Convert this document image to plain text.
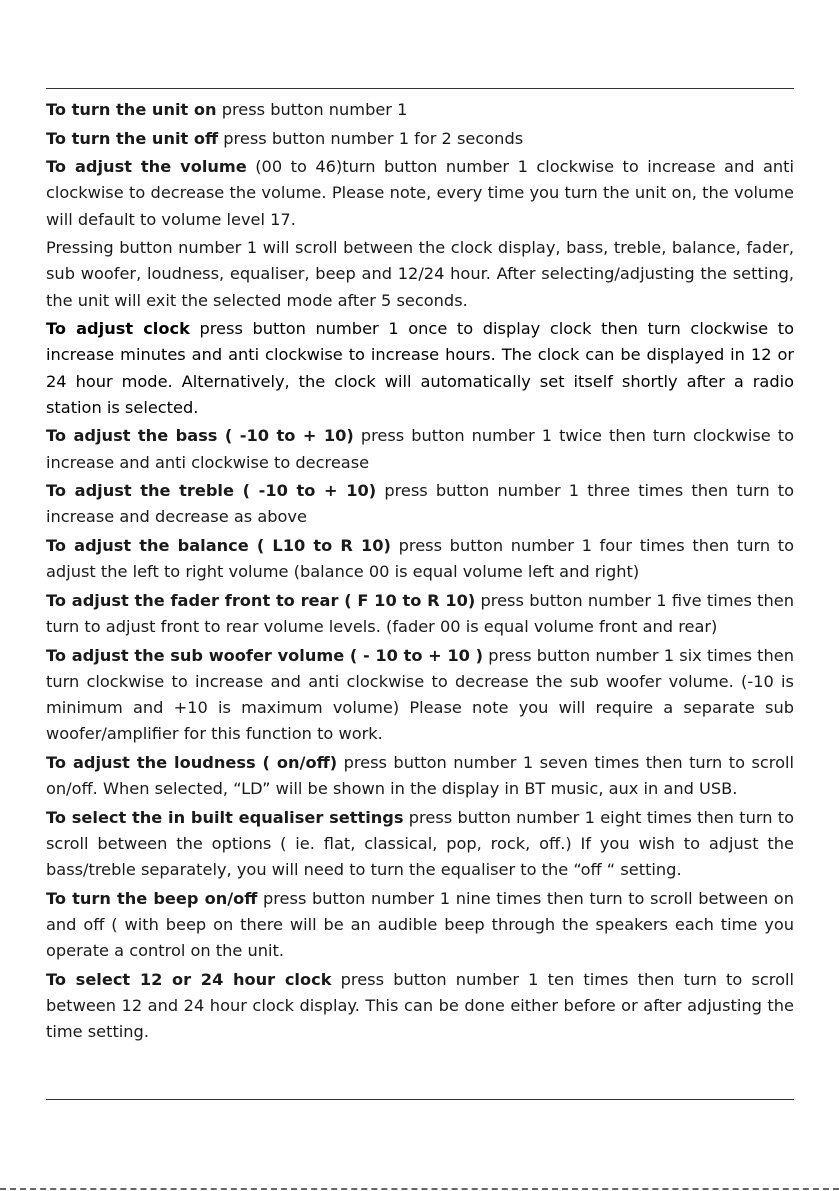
To turn the unit on press button number 1

To turn the unit off press button number 1 for 2 seconds

To adjust the volume (00 to 46)turn button number 1 clockwise to increase and anti clockwise to decrease the volume. Please note, every time you turn the unit on, the volume will default to volume level 17.

Pressing button number 1 will scroll between the clock display, bass, treble, balance, fader, sub woofer, loudness, equaliser, beep and 12/24 hour. After selecting/adjusting the setting, the unit will exit the selected mode after 5 seconds.

To adjust clock press button number 1 once to display clock then turn clockwise to increase minutes and anti clockwise to increase hours. The clock can be displayed in 12 or 24 hour mode. Alternatively, the clock will automatically set itself shortly after a radio station is selected.

To adjust the bass ( -10 to + 10) press button number 1 twice then turn clockwise to increase and anti clockwise to decrease

To adjust the treble ( -10 to + 10) press button number 1 three times then turn to increase and decrease as above

To adjust the balance ( L10 to R 10) press button number 1 four times then turn to adjust the left to right volume (balance 00 is equal volume left and right)

To adjust the fader front to rear ( F 10 to R 10) press button number 1 five times then turn to adjust front to rear volume levels. (fader 00 is equal volume front and rear)

To adjust the sub woofer volume ( - 10 to + 10 ) press button number 1 six times then turn clockwise to increase and anti clockwise to decrease the sub woofer volume. (-10 is minimum and +10 is maximum volume) Please note you will require a separate sub woofer/amplifier for this function to work.

To adjust the loudness ( on/off) press button number 1 seven times then turn to scroll on/off. When selected, “LD” will be shown in the display in BT music, aux in and USB.

To select the in built equaliser settings press button number 1 eight times then turn to scroll between the options ( ie. flat, classical, pop, rock, off.) If you wish to adjust the bass/treble separately, you will need to turn the equaliser to the “off “ setting.

To turn the beep on/off press button number 1 nine times then turn to scroll between on and off ( with beep on there will be an audible beep through the speakers each time you operate a control on the unit.

To select 12 or 24 hour clock press button number 1 ten times then turn to scroll between 12 and 24 hour clock display. This can be done either before or after adjusting the time setting.
